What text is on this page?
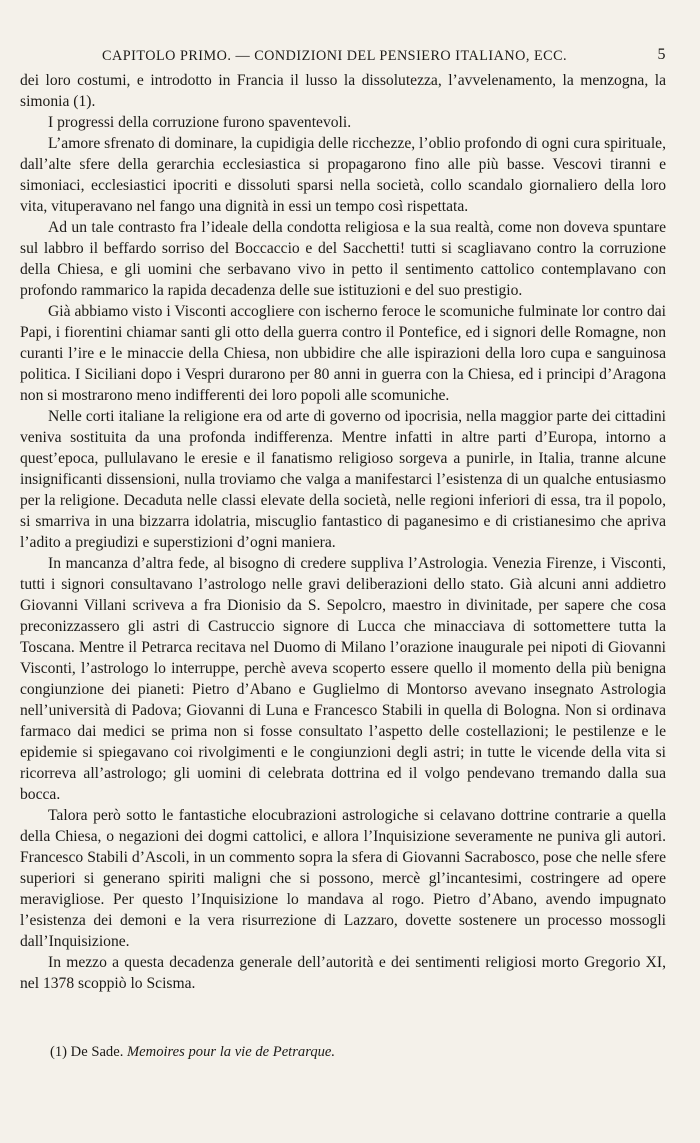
CAPITOLO PRIMO. — CONDIZIONI DEL PENSIERO ITALIANO, ECC.	5

dei loro costumi, e introdotto in Francia il lusso la dissolutezza, l’avvelenamento, la menzogna, la simonia (1).

I progressi della corruzione furono spaventevoli.

L’amore sfrenato di dominare, la cupidigia delle ricchezze, l’oblio profondo di ogni cura spirituale, dall’alte sfere della gerarchia ecclesiastica si propagarono fino alle più basse. Vescovi tiranni e simoniaci, ecclesiastici ipocriti e dissoluti sparsi nella società, collo scandalo giornaliero della loro vita, vituperavano nel fango una dignità in essi un tempo così rispettata.

Ad un tale contrasto fra l’ideale della condotta religiosa e la sua realtà, come non doveva spuntare sul labbro il beffardo sorriso del Boccaccio e del Sacchetti! tutti si scagliavano contro la corruzione della Chiesa, e gli uomini che serbavano vivo in petto il sentimento cattolico contemplavano con profondo rammarico la rapida decadenza delle sue istituzioni e del suo prestigio.

Già abbiamo visto i Visconti accogliere con ischerno feroce le scomuniche fulminate lor contro dai Papi, i fiorentini chiamar santi gli otto della guerra contro il Pontefice, ed i signori delle Romagne, non curanti l’ire e le minaccie della Chiesa, non ubbidire che alle ispirazioni della loro cupa e sanguinosa politica. I Siciliani dopo i Vespri durarono per 80 anni in guerra con la Chiesa, ed i principi d’Aragona non si mostrarono meno indifferenti dei loro popoli alle scomuniche.

Nelle corti italiane la religione era od arte di governo od ipocrisia, nella maggior parte dei cittadini veniva sostituita da una profonda indifferenza. Mentre infatti in altre parti d’Europa, intorno a quest’epoca, pullulavano le eresie e il fanatismo religioso sorgeva a punirle, in Italia, tranne alcune insignificanti dissensioni, nulla troviamo che valga a manifestarci l’esistenza di un qualche entusiasmo per la religione. Decaduta nelle classi elevate della società, nelle regioni inferiori di essa, tra il popolo, si smarriva in una bizzarra idolatria, miscuglio fantastico di paganesimo e di cristianesimo che apriva l’adito a pregiudizi e superstizioni d’ogni maniera.

In mancanza d’altra fede, al bisogno di credere suppliva l’Astrologia. Venezia Firenze, i Visconti, tutti i signori consultavano l’astrologo nelle gravi deliberazioni dello stato. Già alcuni anni addietro Giovanni Villani scriveva a fra Dionisio da S. Sepolcro, maestro in divinitade, per sapere che cosa preconizzassero gli astri di Castruccio signore di Lucca che minacciava di sottomettere tutta la Toscana. Mentre il Petrarca recitava nel Duomo di Milano l’orazione inaugurale pei nipoti di Giovanni Visconti, l’astrologo lo interruppe, perchè aveva scoperto essere quello il momento della più benigna congiunzione dei pianeti: Pietro d’Abano e Guglielmo di Montorso avevano insegnato Astrologia nell’università di Padova; Giovanni di Luna e Francesco Stabili in quella di Bologna. Non si ordinava farmaco dai medici se prima non si fosse consultato l’aspetto delle costellazioni; le pestilenze e le epidemie si spiegavano coi rivolgimenti e le congiunzioni degli astri; in tutte le vicende della vita si ricorreva all’astrologo; gli uomini di celebrata dottrina ed il volgo pendevano tremando dalla sua bocca.

Talora però sotto le fantastiche elocubrazioni astrologiche si celavano dottrine contrarie a quella della Chiesa, o negazioni dei dogmi cattolici, e allora l’Inquisizione severamente ne puniva gli autori. Francesco Stabili d’Ascoli, in un commento sopra la sfera di Giovanni Sacrabosco, pose che nelle sfere superiori si generano spiriti maligni che si possono, mercè gl’incantesimi, costringere ad opere meravigliose. Per questo l’Inquisizione lo mandava al rogo. Pietro d’Abano, avendo impugnato l’esistenza dei demoni e la vera risurrezione di Lazzaro, dovette sostenere un processo mossogli dall’Inquisizione.

In mezzo a questa decadenza generale dell’autorità e dei sentimenti religiosi morto Gregorio XI, nel 1378 scoppiò lo Scisma.

(1) De Sade. Memoires pour la vie de Petrarque.
